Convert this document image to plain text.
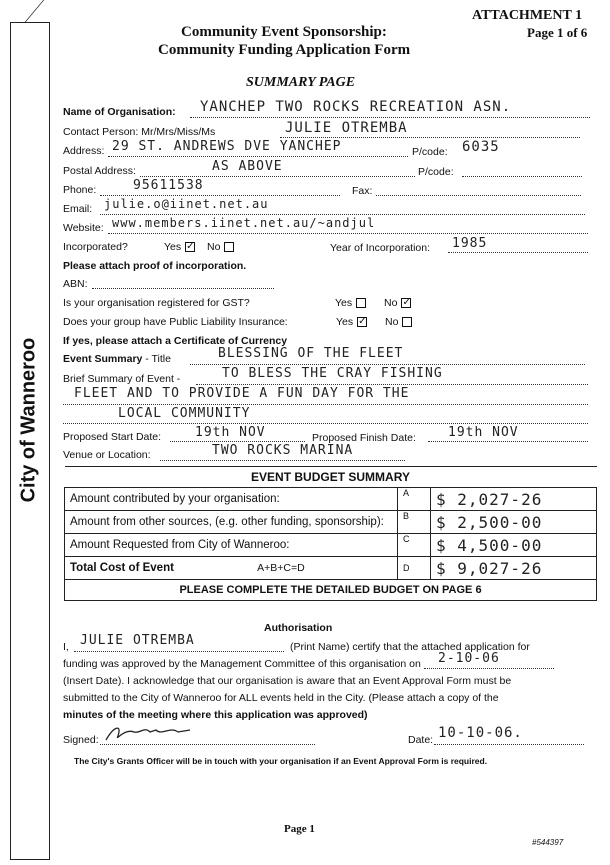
ATTACHMENT 1
Page 1 of 6
Community Event Sponsorship:
Community Funding Application Form
SUMMARY PAGE
City of Wanneroo
Name of Organisation: YANCHEP TWO ROCKS RECREATION ASN.
Contact Person: Mr/Mrs/Miss/Ms	JULIE OTREMBA
Address: 29 ST. ANDREWS DVE YANCHEP	P/code: 6035
Postal Address:	AS ABOVE	P/code:
Phone:	95611538	Fax:
Email: julie.o@iinet.net.au
Website: www.members.iinet.net.au/~andjul
Incorporated?	Yes ✓ No	Year of Incorporation: 1985
Please attach proof of incorporation.
ABN:
Is your organisation registered for GST?	Yes	No ✓
Does your group have Public Liability Insurance:	Yes ✓ No
If yes, please attach a Certificate of Currency
Event Summary - Title	BLESSING OF THE FLEET
Brief Summary of Event -	TO BLESS THE CRAY FISHING
FLEET AND TO PROVIDE A FUN DAY FOR THE
LOCAL COMMUNITY
Proposed Start Date:	19th NOV	Proposed Finish Date: 19th NOV
Venue or Location:	TWO ROCKS MARINA
EVENT BUDGET SUMMARY		
Amount contributed by your organisation:	A	$ 2,027-26
Amount from other sources, (e.g. other funding, sponsorship):	B	$ 2,500-00
Amount Requested from City of Wanneroo:	C	$ 4,500-00
Total Cost of Event A+B+C=D	D	$ 9,027-26
PLEASE COMPLETE THE DETAILED BUDGET ON PAGE 6		
Authorisation
I, JULIE OTREMBA	(Print Name) certify that the attached application for
funding was approved by the Management Committee of this organisation on 2-10-06
(Insert Date). I acknowledge that our organisation is aware that an Event Approval Form must be
submitted to the City of Wanneroo for ALL events held in the City. (Please attach a copy of the
minutes of the meeting where this application was approved)
Signed:	Date: 10-10-06.
The City's Grants Officer will be in touch with your organisation if an Event Approval Form is required.
Page 1
#544397
